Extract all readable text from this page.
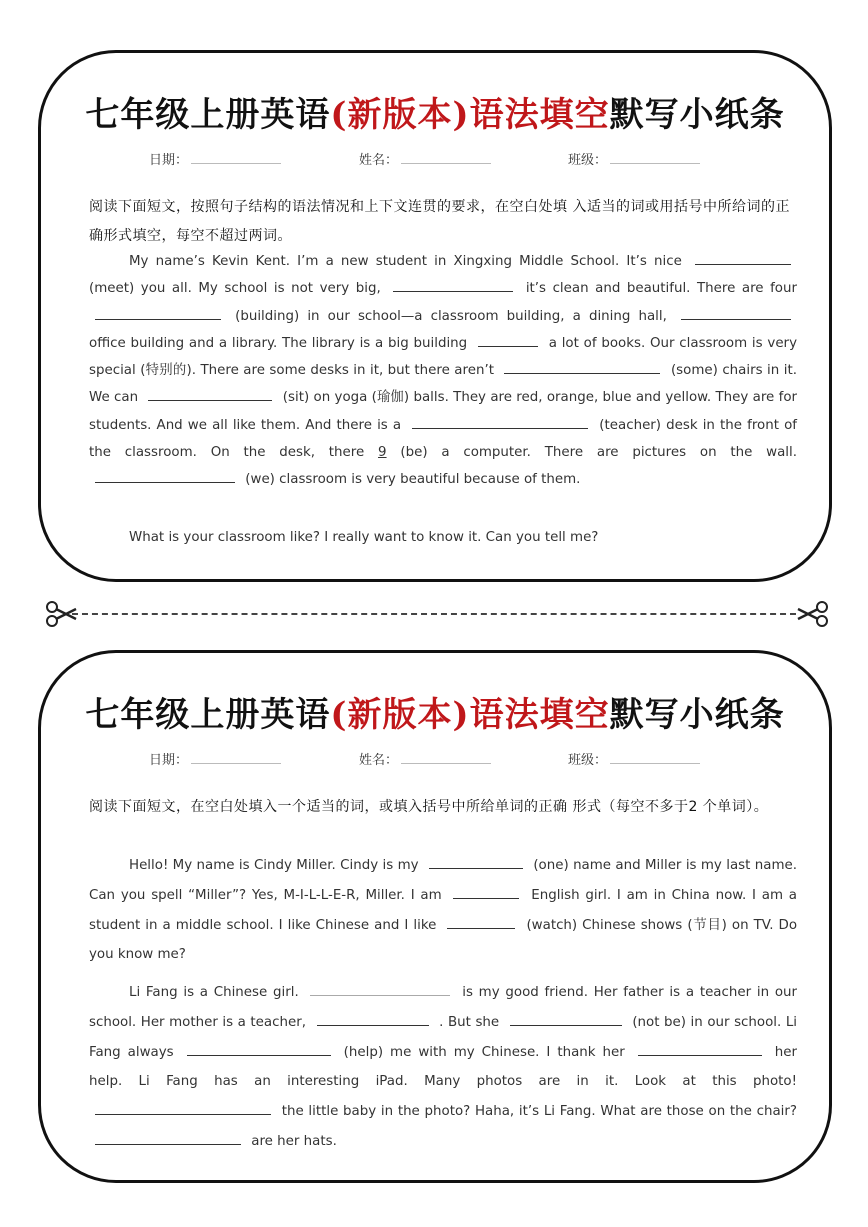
七年级上册英语(新版本)语法填空默写小纸条
日期：	姓名：	班级：
阅读下面短文，按照句子结构的语法情况和上下文连贯的要求，在空白处填 入适当的词或用括号中所给词的正确形式填空，每空不超过两词。
My name’s Kevin Kent. I’m a new student in Xingxing Middle School. It’s nice  (meet) you all. My school is not very big,	it’s clean and beautiful. There are four  (building) in our school—a classroom building, a dining hall,  office building and a library. The library is a big building	a lot of books. Our classroom is very special (特别的). There are some desks in it, but there aren’t	(some) chairs in it. We can	(sit) on yoga (瑜伽) balls. They are red, orange, blue and yellow. They are for students. And we all like them. And there is a	(teacher) desk in the front of the classroom. On the desk, there 9 (be) a computer. There are pictures on the wall.  (we) classroom is very beautiful because of them.
What is your classroom like? I really want to know it. Can you tell me?
七年级上册英语(新版本)语法填空默写小纸条
日期：	姓名：	班级：
阅读下面短文，在空白处填入一个适当的词，或填入括号中所给单词的正确 形式（每空不多于2 个单词）。
Hello! My name is Cindy Miller. Cindy is my	(one) name and Miller is my last name. Can you spell “Miller”? Yes, M-I-L-L-E-R, Miller. I am	English girl. I am in China now. I am a student in a middle school. I like Chinese and I like	(watch) Chinese shows (节目) on TV. Do you know me?
Li Fang is a Chinese girl.	is my good friend. Her father is a teacher in our school. Her mother is a teacher,	. But she	(not be) in our school. Li Fang always	(help) me with my Chinese. I thank her	her help. Li Fang has an interesting iPad. Many photos are in it. Look at this photo!  the little baby in the photo? Haha, it’s Li Fang. What are those on the chair?  are her hats.
